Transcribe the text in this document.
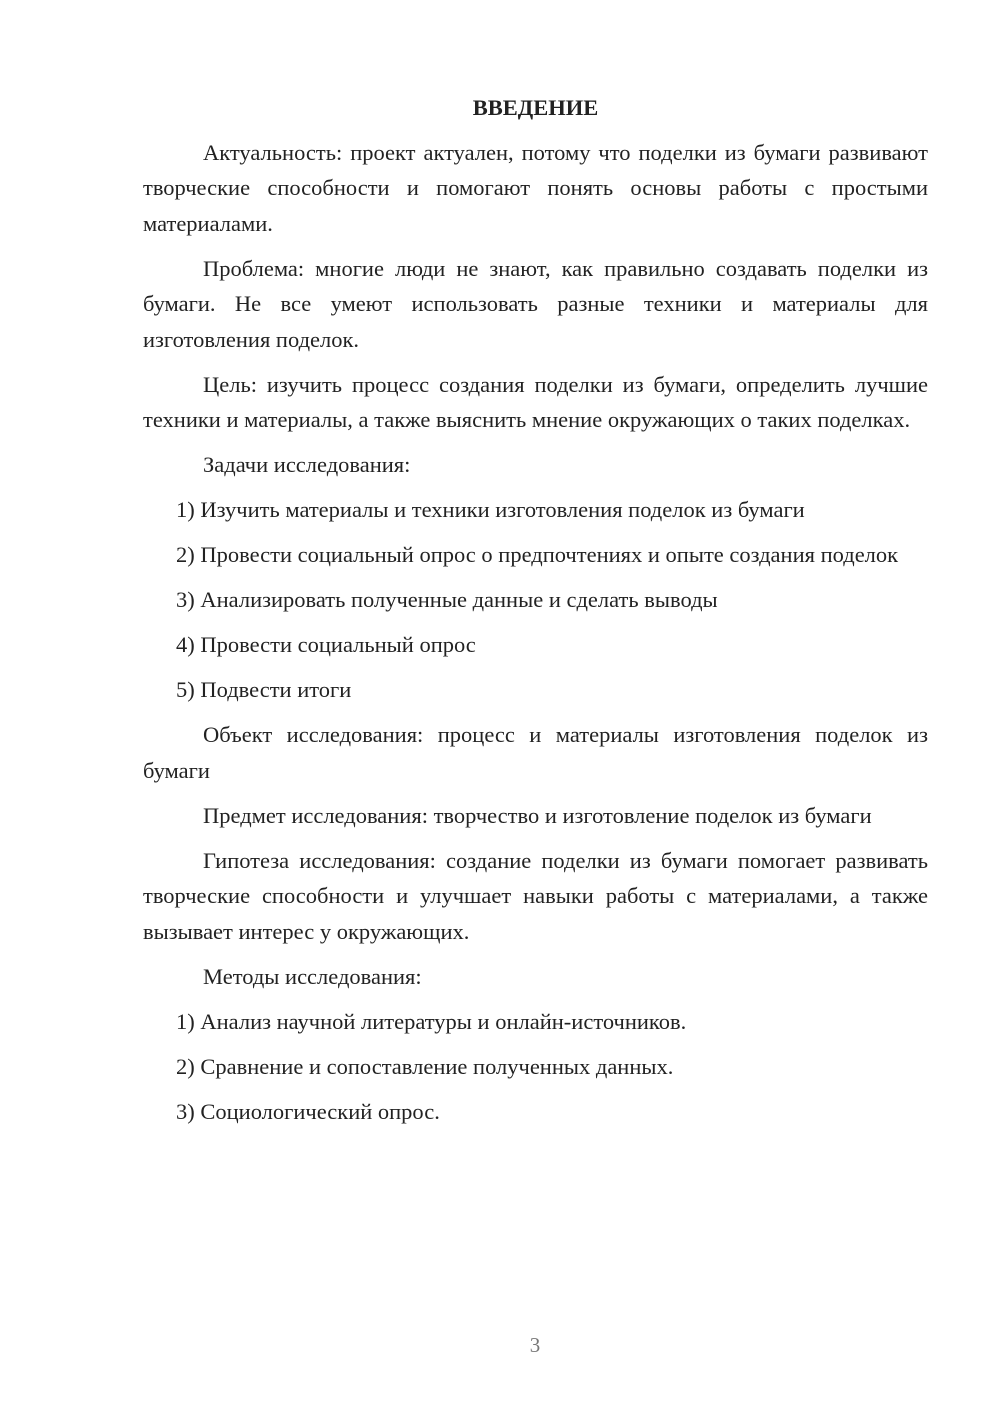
ВВЕДЕНИЕ

Актуальность: проект актуален, потому что поделки из бумаги развивают творческие способности и помогают понять основы работы с простыми материалами.

Проблема: многие люди не знают, как правильно создавать поделки из бумаги. Не все умеют использовать разные техники и материалы для изготовления поделок.

Цель: изучить процесс создания поделки из бумаги, определить лучшие техники и материалы, а также выяснить мнение окружающих о таких поделках.

Задачи исследования:

1) Изучить материалы и техники изготовления поделок из бумаги

2) Провести социальный опрос о предпочтениях и опыте создания поделок

3) Анализировать полученные данные и сделать выводы

4) Провести социальный опрос

5) Подвести итоги

Объект исследования: процесс и материалы изготовления поделок из бумаги

Предмет исследования: творчество и изготовление поделок из бумаги

Гипотеза исследования: создание поделки из бумаги помогает развивать творческие способности и улучшает навыки работы с материалами, а также вызывает интерес у окружающих.

Методы исследования:

1) Анализ научной литературы и онлайн-источников.

2) Сравнение и сопоставление полученных данных.

3) Социологический опрос.

3
